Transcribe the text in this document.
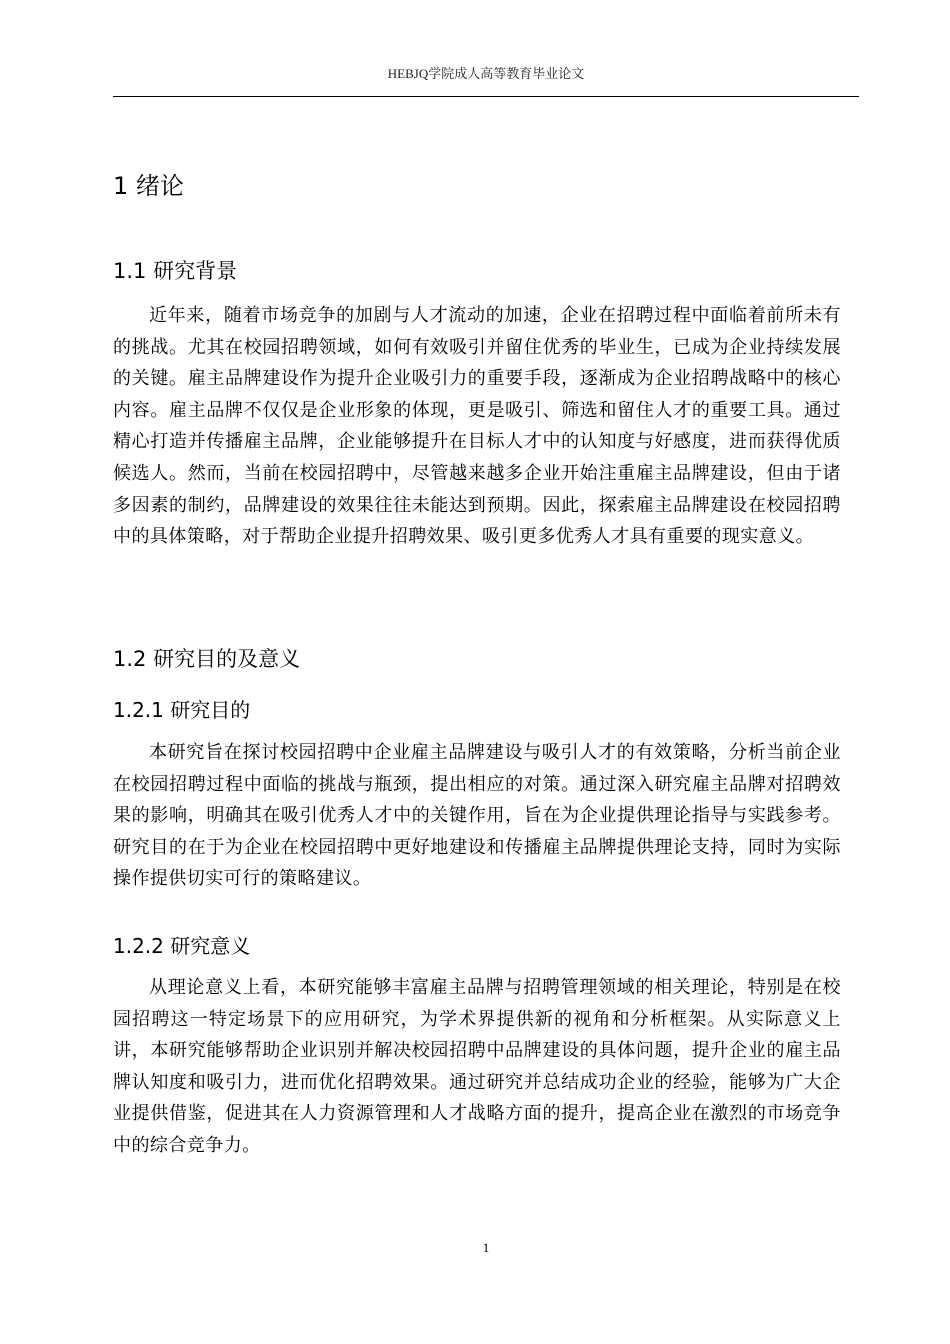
HEBJQ学院成人高等教育毕业论文
1 绪论
1.1 研究背景
近年来，随着市场竞争的加剧与人才流动的加速，企业在招聘过程中面临着前所未有的挑战。尤其在校园招聘领域，如何有效吸引并留住优秀的毕业生，已成为企业持续发展的关键。雇主品牌建设作为提升企业吸引力的重要手段，逐渐成为企业招聘战略中的核心内容。雇主品牌不仅仅是企业形象的体现，更是吸引、筛选和留住人才的重要工具。通过精心打造并传播雇主品牌，企业能够提升在目标人才中的认知度与好感度，进而获得优质候选人。然而，当前在校园招聘中，尽管越来越多企业开始注重雇主品牌建设，但由于诸多因素的制约，品牌建设的效果往往未能达到预期。因此，探索雇主品牌建设在校园招聘中的具体策略，对于帮助企业提升招聘效果、吸引更多优秀人才具有重要的现实意义。
1.2 研究目的及意义
1.2.1 研究目的
本研究旨在探讨校园招聘中企业雇主品牌建设与吸引人才的有效策略，分析当前企业在校园招聘过程中面临的挑战与瓶颈，提出相应的对策。通过深入研究雇主品牌对招聘效果的影响，明确其在吸引优秀人才中的关键作用，旨在为企业提供理论指导与实践参考。研究目的在于为企业在校园招聘中更好地建设和传播雇主品牌提供理论支持，同时为实际操作提供切实可行的策略建议。
1.2.2 研究意义
从理论意义上看，本研究能够丰富雇主品牌与招聘管理领域的相关理论，特别是在校园招聘这一特定场景下的应用研究，为学术界提供新的视角和分析框架。从实际意义上讲，本研究能够帮助企业识别并解决校园招聘中品牌建设的具体问题，提升企业的雇主品牌认知度和吸引力，进而优化招聘效果。通过研究并总结成功企业的经验，能够为广大企业提供借鉴，促进其在人力资源管理和人才战略方面的提升，提高企业在激烈的市场竞争中的综合竞争力。
1
